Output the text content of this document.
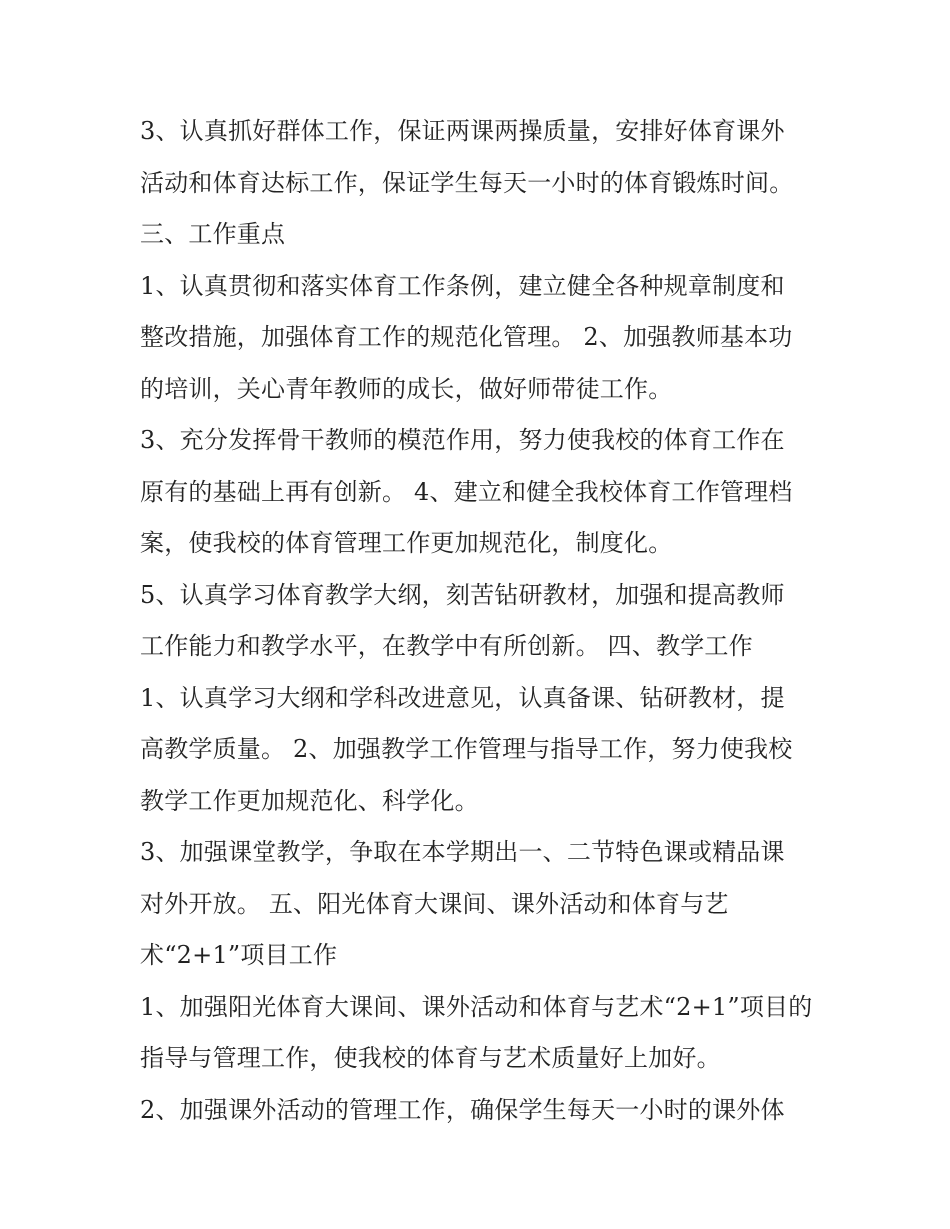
3、认真抓好群体工作，保证两课两操质量，安排好体育课外
活动和体育达标工作，保证学生每天一小时的体育锻炼时间。
三、工作重点
1、认真贯彻和落实体育工作条例，建立健全各种规章制度和
整改措施，加强体育工作的规范化管理。 2、加强教师基本功
的培训，关心青年教师的成长，做好师带徒工作。
3、充分发挥骨干教师的模范作用，努力使我校的体育工作在
原有的基础上再有创新。 4、建立和健全我校体育工作管理档
案，使我校的体育管理工作更加规范化，制度化。
5、认真学习体育教学大纲，刻苦钻研教材，加强和提高教师
工作能力和教学水平，在教学中有所创新。 四、教学工作
1、认真学习大纲和学科改进意见，认真备课、钻研教材，提
高教学质量。 2、加强教学工作管理与指导工作，努力使我校
教学工作更加规范化、科学化。
3、加强课堂教学，争取在本学期出一、二节特色课或精品课
对外开放。 五、阳光体育大课间、课外活动和体育与艺
术“2+1”项目工作
1、加强阳光体育大课间、课外活动和体育与艺术“2+1”项目的
指导与管理工作，使我校的体育与艺术质量好上加好。
2、加强课外活动的管理工作，确保学生每天一小时的课外体
